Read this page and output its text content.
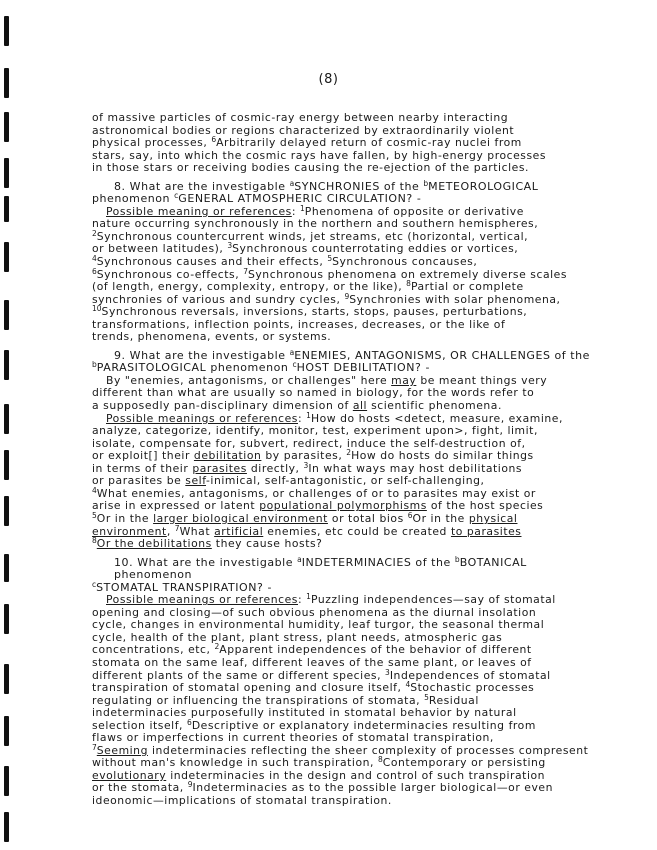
(8)

of massive particles of cosmic-ray energy between nearby interacting

astronomical bodies or regions characterized by extraordinarily violent

physical processes, $^6$Arbitrarily delayed return of cosmic-ray nuclei from

stars, say, into which the cosmic rays have fallen, by high-energy processes

in those stars or receiving bodies causing the re-ejection of the particles.

8. What are the investigable $^a$SYNCHRONIES of the $^b$METEOROLOGICAL

phenomenon $^c$GENERAL ATMOSPHERIC CIRCULATION? -

Possible meaning or references: $^1$Phenomena of opposite or derivative

nature occurring synchronously in the northern and southern hemispheres,

$^2$Synchronous countercurrent winds, jet streams, etc (horizontal, vertical,

or between latitudes), $^3$Synchronous counterrotating eddies or vortices,

$^4$Synchronous causes and their effects, $^5$Synchronous concauses,

$^6$Synchronous co-effects, $^7$Synchronous phenomena on extremely diverse scales

(of length, energy, complexity, entropy, or the like), $^8$Partial or complete

synchronies of various and sundry cycles, $^9$Synchronies with solar phenomena,

$^{10}$Synchronous reversals, inversions, starts, stops, pauses, perturbations,

transformations, inflection points, increases, decreases, or the like of

trends, phenomena, events, or systems.

9. What are the investigable $^a$ENEMIES, ANTAGONISMS, OR CHALLENGES of the

$^b$PARASITOLOGICAL phenomenon $^c$HOST DEBILITATION? -

By "enemies, antagonisms, or challenges" here may be meant things very

different than what are usually so named in biology, for the words refer to

a supposedly pan-disciplinary dimension of all scientific phenomena.

Possible meanings or references: $^1$How do hosts <detect, measure, examine,

analyze, categorize, identify, monitor, test, experiment upon>, fight, limit,

isolate, compensate for, subvert, redirect, induce the self-destruction of,

or exploit[] their debilitation by parasites, $^2$How do hosts do similar things

in terms of their parasites directly, $^3$In what ways may host debilitations

or parasites be self-inimical, self-antagonistic, or self-challenging,

$^4$What enemies, antagonisms, or challenges of or to parasites may exist or

arise in expressed or latent populational polymorphisms of the host species

$^5$Or in the larger biological environment or total bios $^6$Or in the physical

environment, $^7$What artificial enemies, etc could be created to parasites

$^8$Or the debilitations they cause hosts?

10. What are the investigable $^a$INDETERMINACIES of the $^b$BOTANICAL phenomenon

$^c$STOMATAL TRANSPIRATION? -

Possible meanings or references: $^1$Puzzling independences—say of stomatal

opening and closing—of such obvious phenomena as the diurnal insolation

cycle, changes in environmental humidity, leaf turgor, the seasonal thermal

cycle, health of the plant, plant stress, plant needs, atmospheric gas

concentrations, etc, $^2$Apparent independences of the behavior of different

stomata on the same leaf, different leaves of the same plant, or leaves of

different plants of the same or different species, $^3$Independences of stomatal

transpiration of stomatal opening and closure itself, $^4$Stochastic processes

regulating or influencing the transpirations of stomata, $^5$Residual

indeterminacies purposefully instituted in stomatal behavior by natural

selection itself, $^6$Descriptive or explanatory indeterminacies resulting from

flaws or imperfections in current theories of stomatal transpiration,

$^7$Seeming indeterminacies reflecting the sheer complexity of processes compresent

without man's knowledge in such transpiration, $^8$Contemporary or persisting

evolutionary indeterminacies in the design and control of such transpiration

or the stomata, $^9$Indeterminacies as to the possible larger biological—or even

ideonomic—implications of stomatal transpiration.
